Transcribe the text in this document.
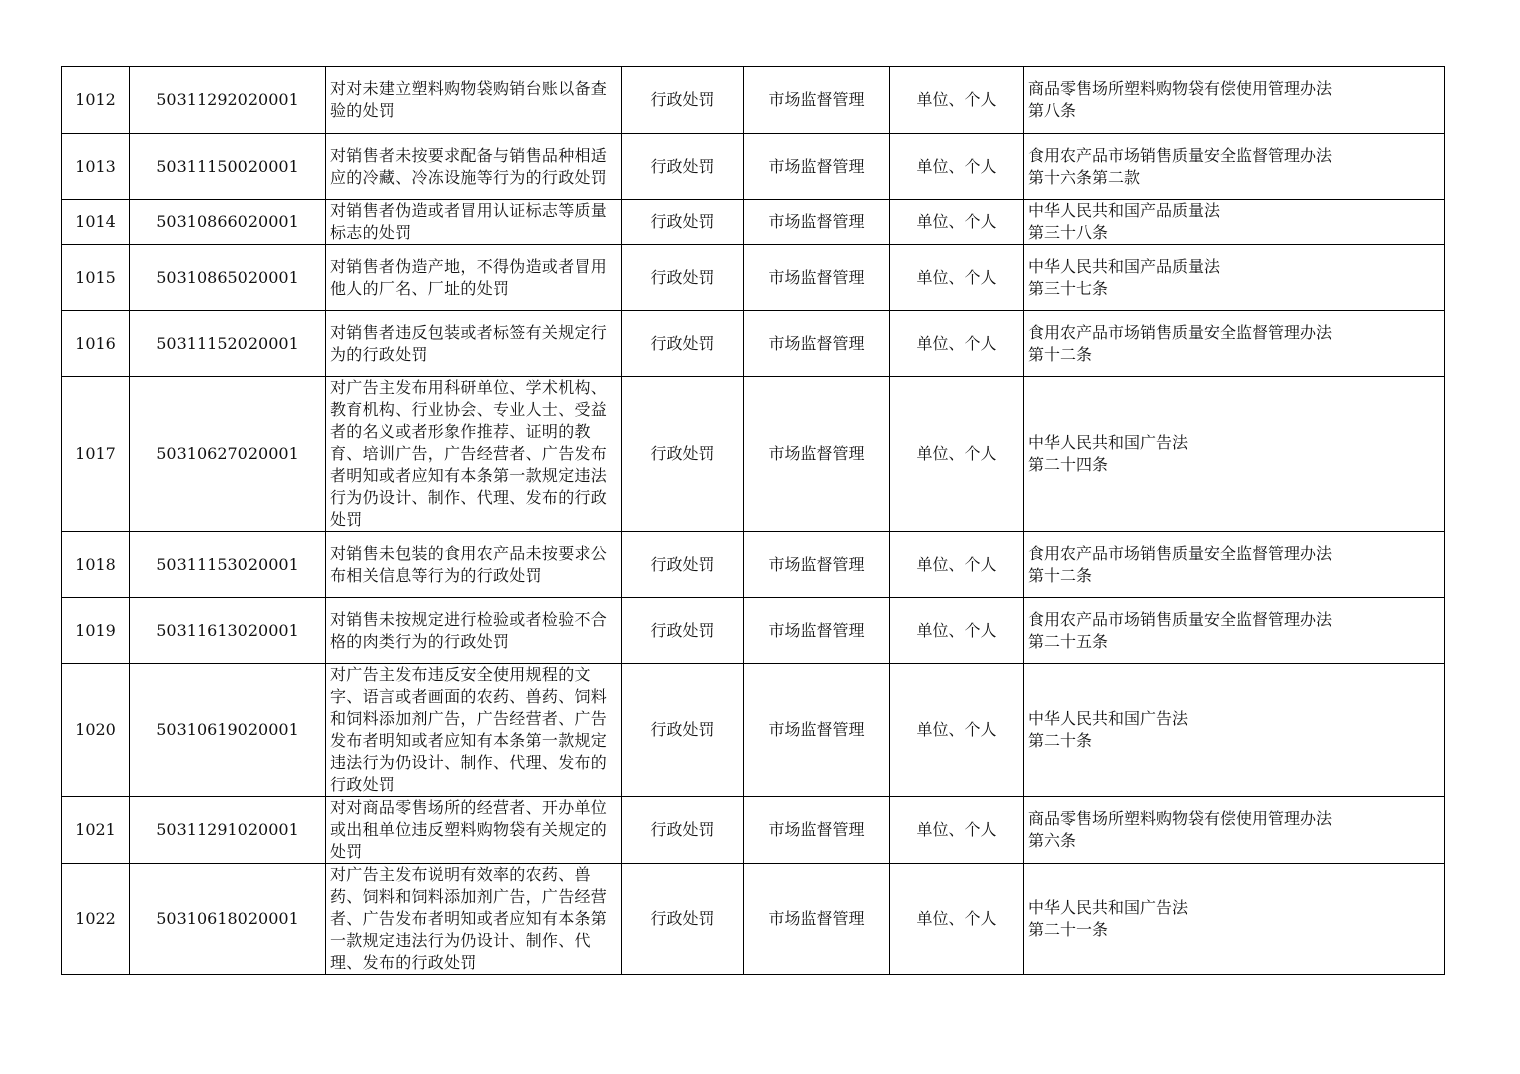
1012	50311292020001	对对未建立塑料购物袋购销台账以备查验的处罚	行政处罚	市场监督管理	单位、个人	商品零售场所塑料购物袋有偿使用管理办法
第八条

1013	50311150020001	对销售者未按要求配备与销售品种相适应的冷藏、冷冻设施等行为的行政处罚	行政处罚	市场监督管理	单位、个人	食用农产品市场销售质量安全监督管理办法
第十六条第二款

1014	50310866020001	对销售者伪造或者冒用认证标志等质量标志的处罚	行政处罚	市场监督管理	单位、个人	中华人民共和国产品质量法
第三十八条

1015	50310865020001	对销售者伪造产地，不得伪造或者冒用他人的厂名、厂址的处罚	行政处罚	市场监督管理	单位、个人	中华人民共和国产品质量法
第三十七条

1016	50311152020001	对销售者违反包装或者标签有关规定行为的行政处罚	行政处罚	市场监督管理	单位、个人	食用农产品市场销售质量安全监督管理办法
第十二条

1017	50310627020001	对广告主发布用科研单位、学术机构、教育机构、行业协会、专业人士、受益者的名义或者形象作推荐、证明的教育、培训广告，广告经营者、广告发布者明知或者应知有本条第一款规定违法行为仍设计、制作、代理、发布的行政处罚	行政处罚	市场监督管理	单位、个人	中华人民共和国广告法
第二十四条

1018	50311153020001	对销售未包装的食用农产品未按要求公布相关信息等行为的行政处罚	行政处罚	市场监督管理	单位、个人	食用农产品市场销售质量安全监督管理办法
第十二条

1019	50311613020001	对销售未按规定进行检验或者检验不合格的肉类行为的行政处罚	行政处罚	市场监督管理	单位、个人	食用农产品市场销售质量安全监督管理办法
第二十五条

1020	50310619020001	对广告主发布违反安全使用规程的文字、语言或者画面的农药、兽药、饲料和饲料添加剂广告，广告经营者、广告发布者明知或者应知有本条第一款规定违法行为仍设计、制作、代理、发布的行政处罚	行政处罚	市场监督管理	单位、个人	中华人民共和国广告法
第二十条

1021	50311291020001	对对商品零售场所的经营者、开办单位或出租单位违反塑料购物袋有关规定的处罚	行政处罚	市场监督管理	单位、个人	商品零售场所塑料购物袋有偿使用管理办法
第六条

1022	50310618020001	对广告主发布说明有效率的农药、兽药、饲料和饲料添加剂广告，广告经营者、广告发布者明知或者应知有本条第一款规定违法行为仍设计、制作、代理、发布的行政处罚	行政处罚	市场监督管理	单位、个人	中华人民共和国广告法
第二十一条
